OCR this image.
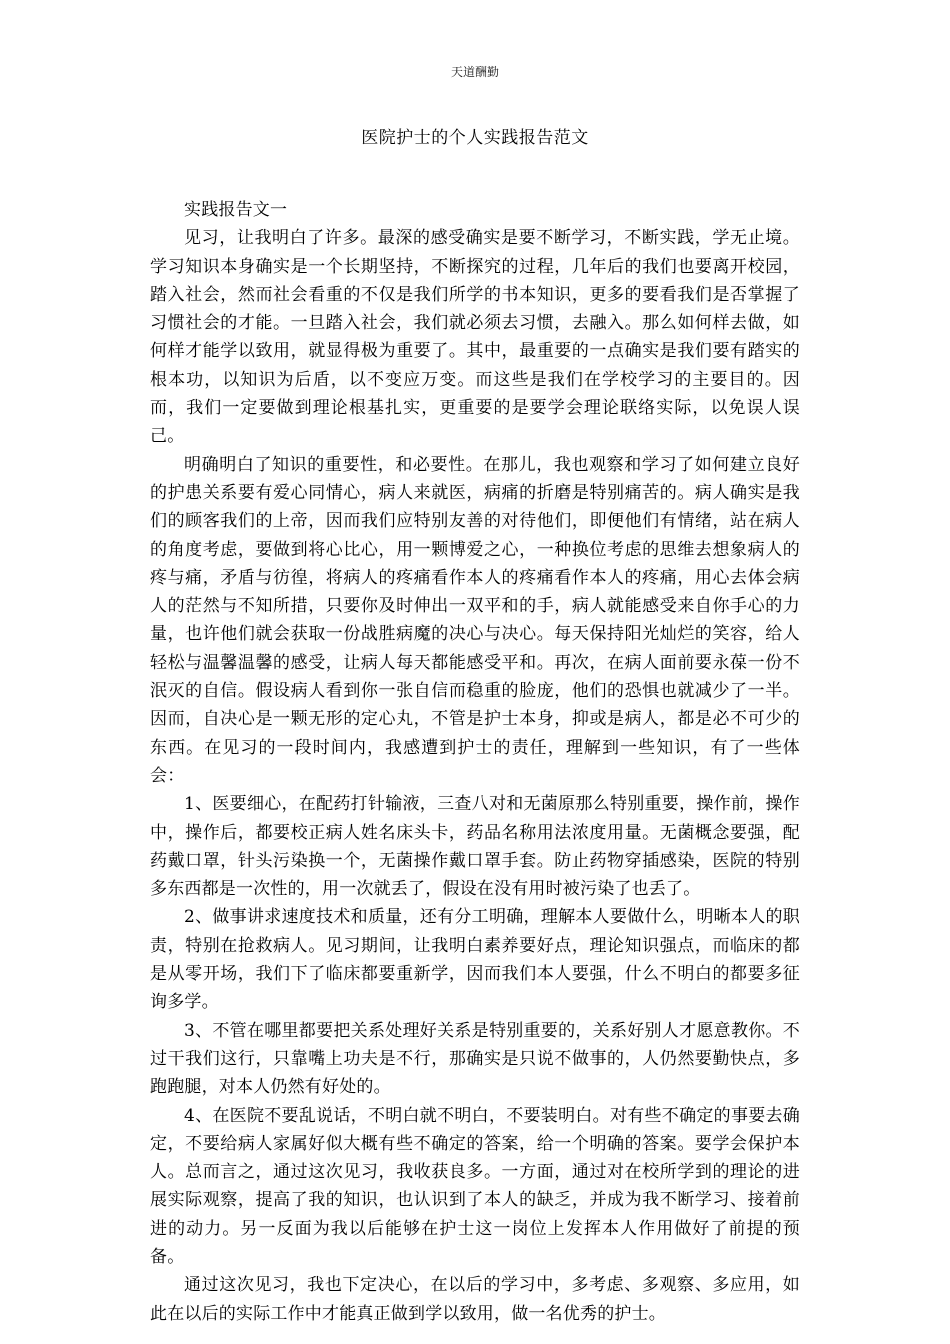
天道酬勤
医院护士的个人实践报告范文

实践报告文一

见习，让我明白了许多。最深的感受确实是要不断学习，不断实践，学无止境。学习知识本身确实是一个长期坚持，不断探究的过程，几年后的我们也要离开校园，踏入社会，然而社会看重的不仅是我们所学的书本知识，更多的要看我们是否掌握了习惯社会的才能。一旦踏入社会，我们就必须去习惯，去融入。那么如何样去做，如何样才能学以致用，就显得极为重要了。其中，最重要的一点确实是我们要有踏实的根本功，以知识为后盾，以不变应万变。而这些是我们在学校学习的主要目的。因而，我们一定要做到理论根基扎实，更重要的是要学会理论联络实际，以免误人误己。

明确明白了知识的重要性，和必要性。在那儿，我也观察和学习了如何建立良好的护患关系要有爱心同情心，病人来就医，病痛的折磨是特别痛苦的。病人确实是我们的顾客我们的上帝，因而我们应特别友善的对待他们，即便他们有情绪，站在病人的角度考虑，要做到将心比心，用一颗博爱之心，一种换位考虑的思维去想象病人的疼与痛，矛盾与彷徨，将病人的疼痛看作本人的疼痛看作本人的疼痛，用心去体会病人的茫然与不知所措，只要你及时伸出一双平和的手，病人就能感受来自你手心的力量，也许他们就会获取一份战胜病魔的决心与决心。每天保持阳光灿烂的笑容，给人轻松与温馨温馨的感受，让病人每天都能感受平和。再次，在病人面前要永葆一份不泯灭的自信。假设病人看到你一张自信而稳重的脸庞，他们的恐惧也就减少了一半。因而，自决心是一颗无形的定心丸，不管是护士本身，抑或是病人，都是必不可少的东西。在见习的一段时间内，我感遭到护士的责任，理解到一些知识，有了一些体会：

1、医要细心，在配药打针输液，三查八对和无菌原那么特别重要，操作前，操作中，操作后，都要校正病人姓名床头卡，药品名称用法浓度用量。无菌概念要强，配药戴口罩，针头污染换一个，无菌操作戴口罩手套。防止药物穿插感染，医院的特别多东西都是一次性的，用一次就丢了，假设在没有用时被污染了也丢了。

2、做事讲求速度技术和质量，还有分工明确，理解本人要做什么，明晰本人的职责，特别在抢救病人。见习期间，让我明白素养要好点，理论知识强点，而临床的都是从零开场，我们下了临床都要重新学，因而我们本人要强，什么不明白的都要多征询多学。

3、不管在哪里都要把关系处理好关系是特别重要的，关系好别人才愿意教你。不过干我们这行，只靠嘴上功夫是不行，那确实是只说不做事的，人仍然要勤快点，多跑跑腿，对本人仍然有好处的。

4、在医院不要乱说话，不明白就不明白，不要装明白。对有些不确定的事要去确定，不要给病人家属好似大概有些不确定的答案，给一个明确的答案。要学会保护本人。总而言之，通过这次见习，我收获良多。一方面，通过对在校所学到的理论的进展实际观察，提高了我的知识，也认识到了本人的缺乏，并成为我不断学习、接着前进的动力。另一反面为我以后能够在护士这一岗位上发挥本人作用做好了前提的预备。

通过这次见习，我也下定决心，在以后的学习中，多考虑、多观察、多应用，如此在以后的实际工作中才能真正做到学以致用，做一名优秀的护士。
